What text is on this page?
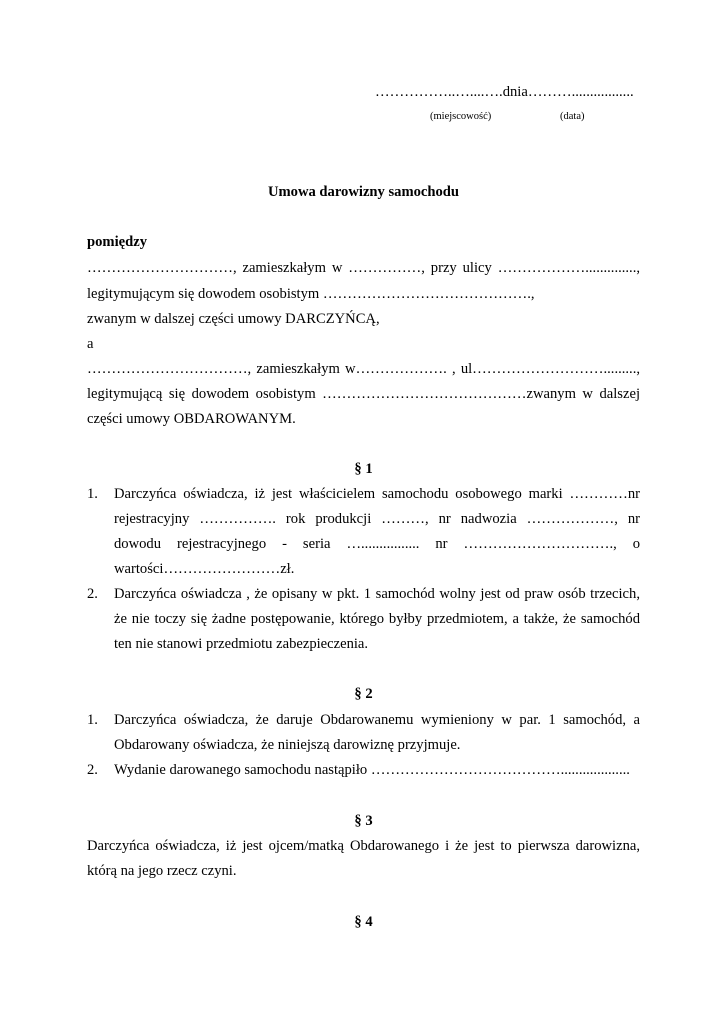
……………..…....….dnia……….................
(miejscowość)	(data)
Umowa darowizny samochodu
pomiędzy
…………………………, zamieszkałym w ……………, przy ulicy ………………..............,
legitymującym się dowodem osobistym …………………………………….,
zwanym w dalszej części umowy DARCZYŃCĄ,
a
……………………………, zamieszkałym w………………. , ul……………………….........,
legitymującą się dowodem osobistym ……………………………………zwanym w dalszej
części umowy OBDAROWANYM.
§ 1
1. Darczyńca oświadcza, iż jest właścicielem samochodu osobowego marki …………nr
rejestracyjny ……………. rok produkcji ………, nr nadwozia ………………, nr
dowodu rejestracyjnego - seria …................ nr …………………………., o
wartości……………………zł.
2. Darczyńca oświadcza , że opisany w pkt. 1 samochód wolny jest od praw osób trzecich,
że nie toczy się żadne postępowanie, którego byłby przedmiotem, a także, że samochód
ten nie stanowi przedmiotu zabezpieczenia.
§ 2
1. Darczyńca oświadcza, że daruje Obdarowanemu wymieniony w par. 1 samochód, a
Obdarowany oświadcza, że niniejszą darowiznę przyjmuje.
2. Wydanie darowanego samochodu nastąpiło …………………………………...................
§ 3
Darczyńca oświadcza, iż jest ojcem/matką Obdarowanego i że jest to pierwsza darowizna,
którą na jego rzecz czyni.
§ 4
